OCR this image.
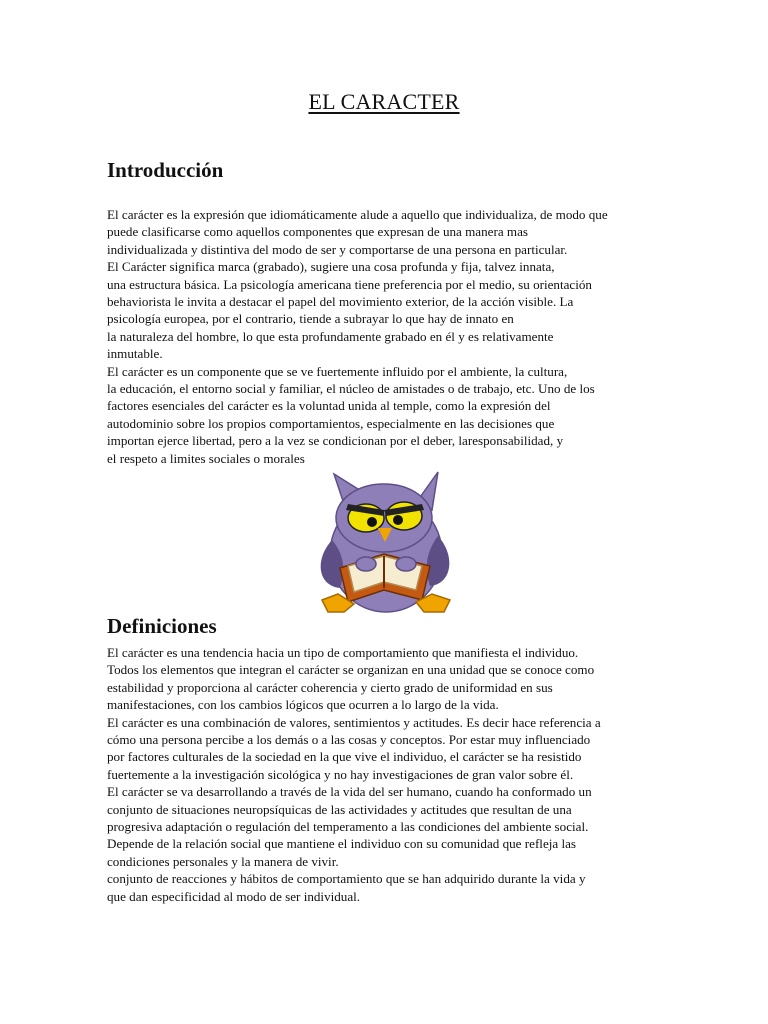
EL CARACTER
Introducción
El carácter es la expresión que idiomáticamente alude a aquello que individualiza, de modo que
puede clasificarse como aquellos componentes que expresan de una manera mas
individualizada y distintiva del modo de ser y comportarse de una persona en particular.
El Carácter significa marca (grabado), sugiere una cosa profunda y fija, talvez innata,
una estructura básica. La psicología americana tiene preferencia por el medio, su orientación
behaviorista le invita a destacar el papel del movimiento exterior, de la acción visible. La
psicología europea, por el contrario, tiende a subrayar lo que hay de innato en
la naturaleza del hombre, lo que esta profundamente grabado en él y es relativamente
inmutable.
El carácter es un componente que se ve fuertemente influido por el ambiente, la cultura,
la educación, el entorno social y familiar, el núcleo de amistades o de trabajo, etc. Uno de los
factores esenciales del carácter es la voluntad unida al temple, como la expresión del
autodominio sobre los propios comportamientos, especialmente en las decisiones que
importan ejerce libertad, pero a la vez se condicionan por el deber, laresponsabilidad, y
el respeto a limites sociales o morales
Definiciones
El carácter es una tendencia hacia un tipo de comportamiento que manifiesta el individuo.
Todos los elementos que integran el carácter se organizan en una unidad que se conoce como
estabilidad y proporciona al carácter coherencia y cierto grado de uniformidad en sus
manifestaciones, con los cambios lógicos que ocurren a lo largo de la vida.
El carácter es una combinación de valores, sentimientos y actitudes. Es decir hace referencia a
cómo una persona percibe a los demás o a las cosas y conceptos. Por estar muy influenciado
por factores culturales de la sociedad en la que vive el individuo, el carácter se ha resistido
fuertemente a la investigación sicológica y no hay investigaciones de gran valor sobre él.
El carácter se va desarrollando a través de la vida del ser humano, cuando ha conformado un
conjunto de situaciones neuropsíquicas de las actividades y actitudes que resultan de una
progresiva adaptación o regulación del temperamento a las condiciones del ambiente social.
Depende de la relación social que mantiene el individuo con su comunidad que refleja las
condiciones personales y la manera de vivir.
conjunto de reacciones y hábitos de comportamiento que se han adquirido durante la vida y
que dan especificidad al modo de ser individual.
